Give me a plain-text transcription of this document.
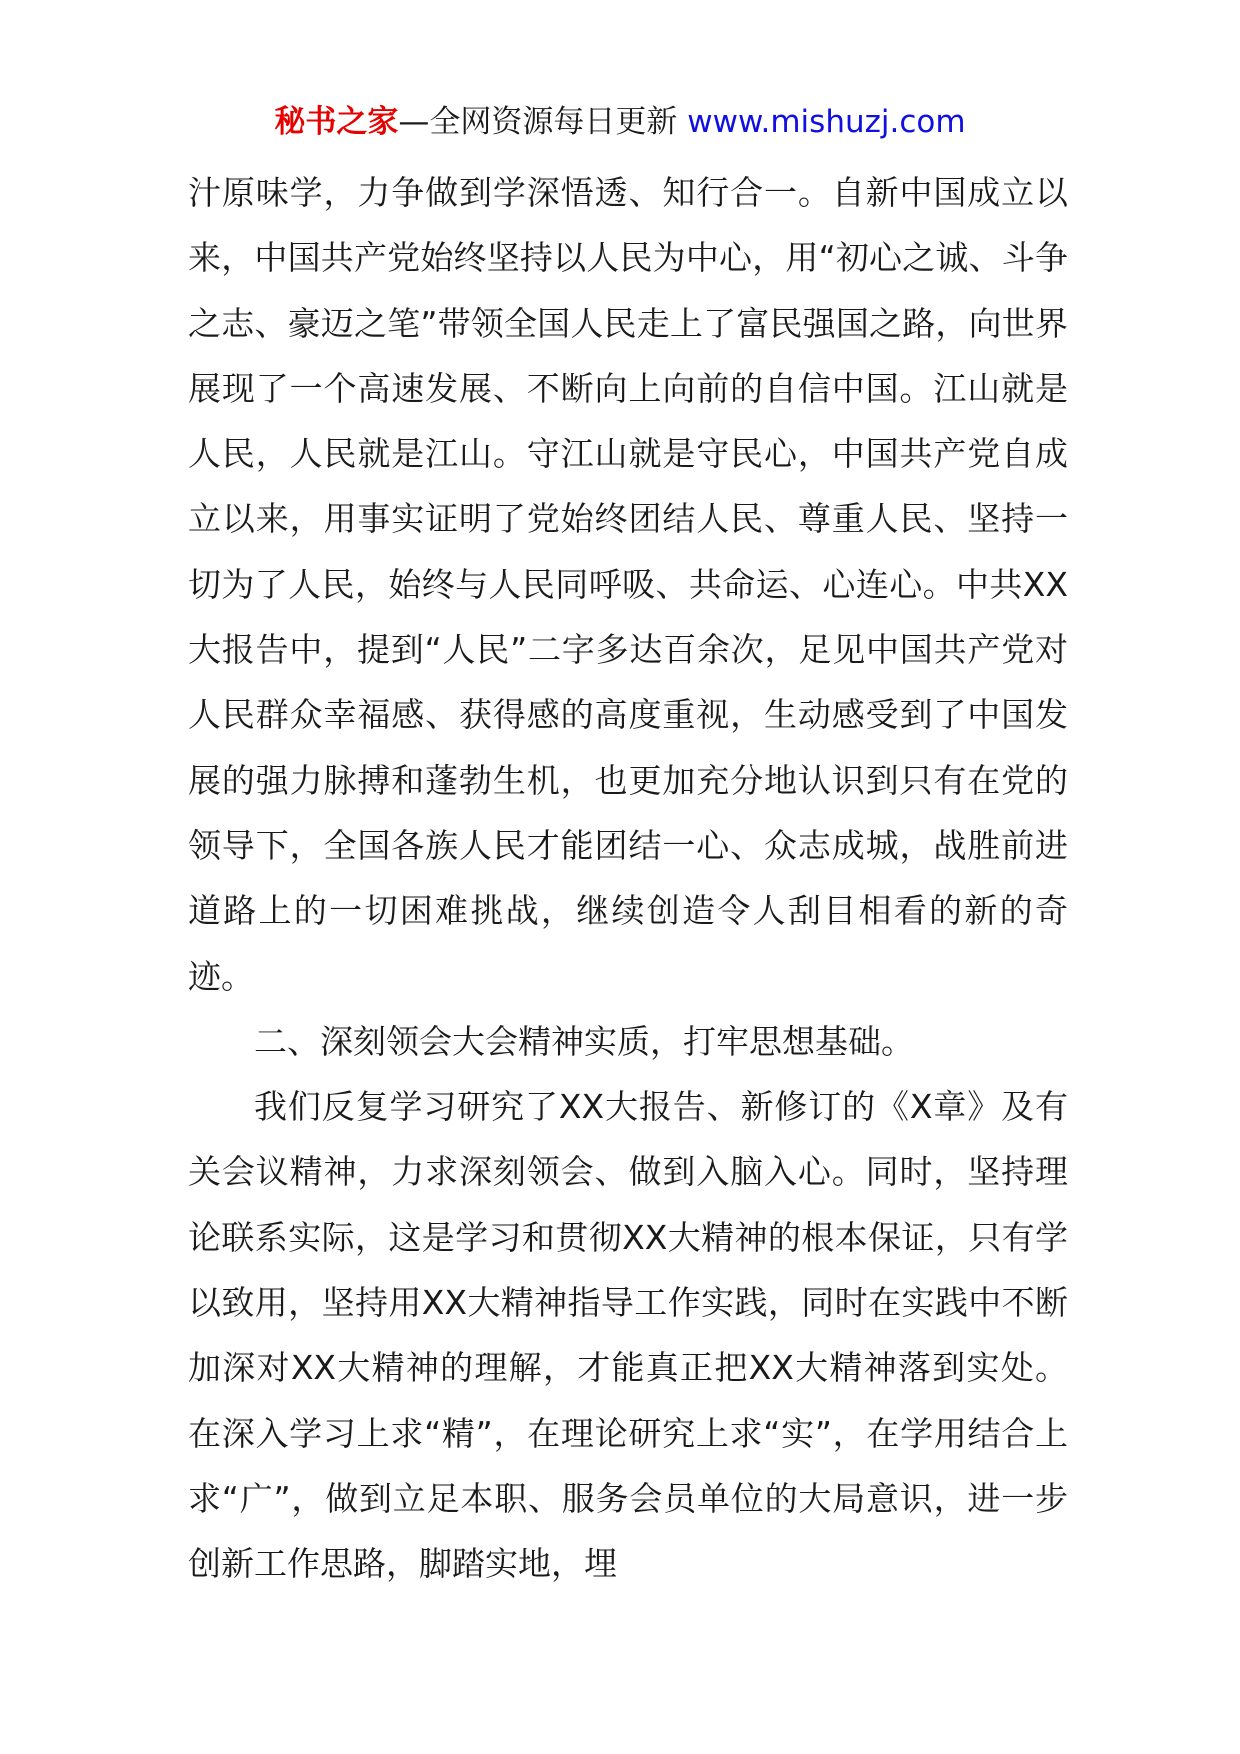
秘书之家—全网资源每日更新 www.mishuzj.com

汁原味学，力争做到学深悟透、知行合一。自新中国成立以来，中国共产党始终坚持以人民为中心，用“初心之诚、斗争之志、豪迈之笔”带领全国人民走上了富民强国之路，向世界展现了一个高速发展、不断向上向前的自信中国。江山就是人民，人民就是江山。守江山就是守民心，中国共产党自成立以来，用事实证明了党始终团结人民、尊重人民、坚持一切为了人民，始终与人民同呼吸、共命运、心连心。中共XX大报告中，提到“人民”二字多达百余次，足见中国共产党对人民群众幸福感、获得感的高度重视，生动感受到了中国发展的强力脉搏和蓬勃生机，也更加充分地认识到只有在党的领导下，全国各族人民才能团结一心、众志成城，战胜前进道路上的一切困难挑战，继续创造令人刮目相看的新的奇迹。

二、深刻领会大会精神实质，打牢思想基础。

我们反复学习研究了XX大报告、新修订的《X章》及有关会议精神，力求深刻领会、做到入脑入心。同时，坚持理论联系实际，这是学习和贯彻XX大精神的根本保证，只有学以致用，坚持用XX大精神指导工作实践，同时在实践中不断加深对XX大精神的理解，才能真正把XX大精神落到实处。在深入学习上求“精”，在理论研究上求“实”，在学用结合上求“广”，做到立足本职、服务会员单位的大局意识，进一步创新工作思路，脚踏实地，埋
